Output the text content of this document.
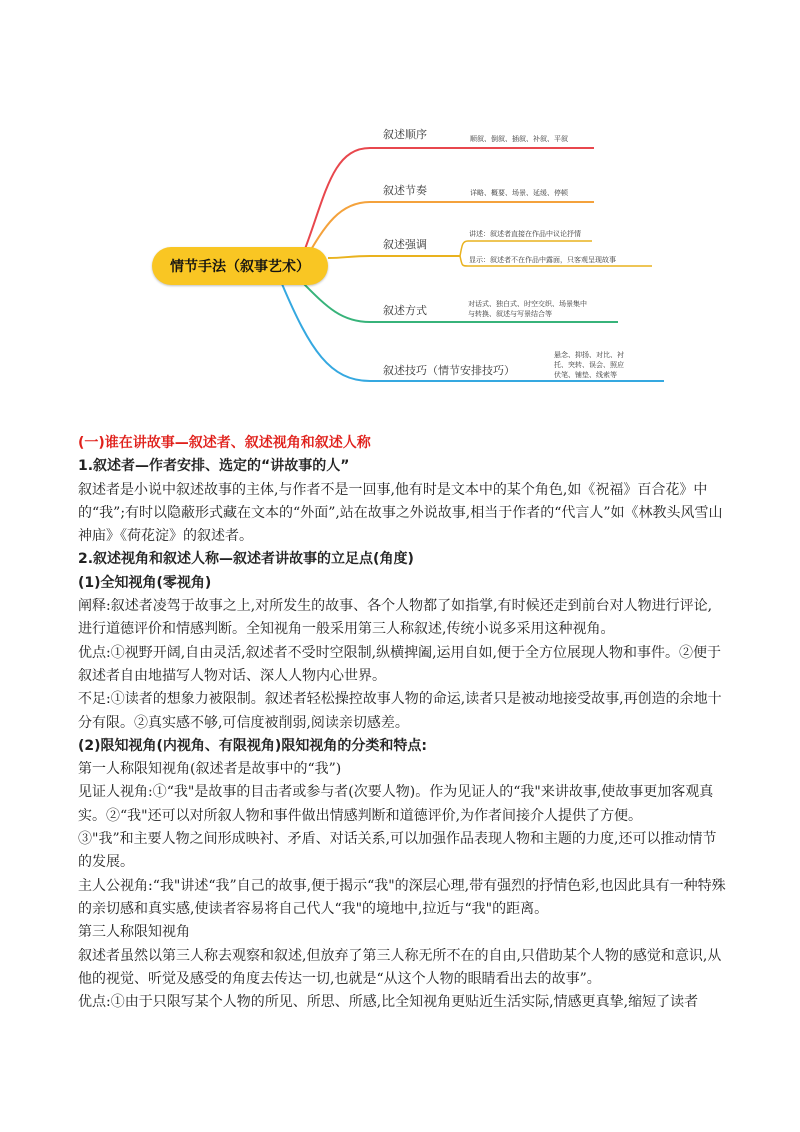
情节手法（叙事艺术）
叙述顺序	顺叙、倒叙、插叙、补叙、平叙
叙述节奏	详略、概要、场景、延缓、停顿
叙述强调
讲述：叙述者直接在作品中议论抒情
显示：叙述者不在作品中露面，只客观呈现故事
叙述方式	对话式、独白式、时空交织、场景集中
与转换、叙述与写景结合等
叙述技巧（情节安排技巧）
悬念、抑扬、对比、衬
托、突转、误会、照应
伏笔、铺垫、线索等

(一)谁在讲故事—叙述者、叙述视角和叙述人称

1.叙述者—作者安排、选定的“讲故事的人”

叙述者是小说中叙述故事的主体,与作者不是一回事,他有时是文本中的某个角色,如《祝福》百合花》中的“我”;有时以隐蔽形式藏在文本的“外面”,站在故事之外说故事,相当于作者的“代言人”如《林教头风雪山神庙》《荷花淀》的叙述者。

2.叙述视角和叙述人称—叙述者讲故事的立足点(角度)

(1)全知视角(零视角)

阐释:叙述者凌驾于故事之上,对所发生的故事、各个人物都了如指掌,有时候还走到前台对人物进行评论,进行道德评价和情感判断。全知视角一般采用第三人称叙述,传统小说多采用这种视角。

优点:①视野开阔,自由灵活,叙述者不受时空限制,纵横捭阖,运用自如,便于全方位展现人物和事件。②便于叙述者自由地描写人物对话、深人人物内心世界。

不足:①读者的想象力被限制。叙述者轻松操控故事人物的命运,读者只是被动地接受故事,再创造的余地十分有限。②真实感不够,可信度被削弱,阅读亲切感差。

(2)限知视角(内视角、有限视角)限知视角的分类和特点:

第一人称限知视角(叙述者是故事中的“我”)

见证人视角:①“我"是故事的目击者或参与者(次要人物)。作为见证人的“我"来讲故事,使故事更加客观真实。②“我"还可以对所叙人物和事件做出情感判断和道德评价,为作者间接介人提供了方便。

③"我”和主要人物之间形成映衬、矛盾、对话关系,可以加强作品表现人物和主题的力度,还可以推动情节的发展。

主人公视角:“我"讲述“我”自己的故事,便于揭示“我"的深层心理,带有强烈的抒情色彩,也因此具有一种特殊的亲切感和真实感,使读者容易将自己代人“我"的境地中,拉近与“我"的距离。

第三人称限知视角

叙述者虽然以第三人称去观察和叙述,但放弃了第三人称无所不在的自由,只借助某个人物的感觉和意识,从他的视觉、听觉及感受的角度去传达一切,也就是“从这个人物的眼睛看出去的故事”。

优点:①由于只限写某个人物的所见、所思、所感,比全知视角更贴近生活实际,情感更真挚,缩短了读者
